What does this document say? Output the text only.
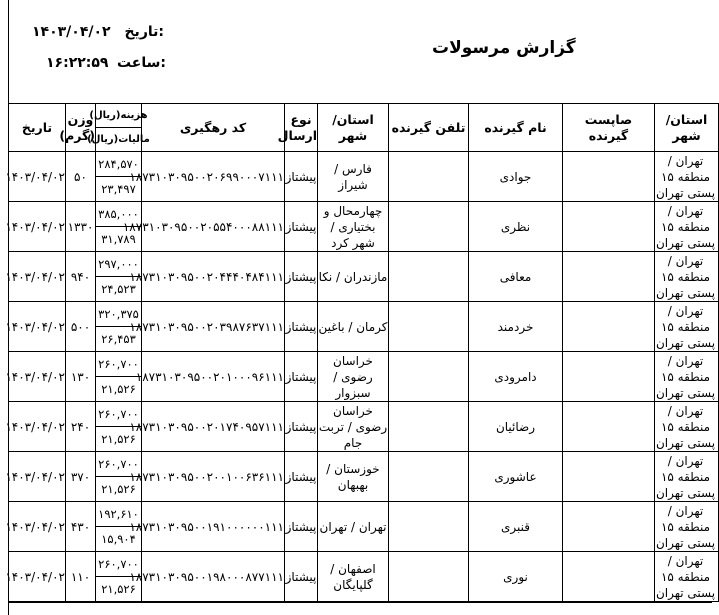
تاریخ:
۱۴۰۳/۰۴/۰۲
ساعت:
۱۶:۲۲:۵۹
گزارش مرسولات
استان/ شهر	صاپست گیرنده	نام گیرنده	تلفن گیرنده	استان/ شهر	نوع ارسال	کد رهگیری	هزینه(ریال)
مالیات(ریال)	وزن (گرم)	تاریخ
تهران / منطقه ۱۵ پستی تهران		جوادی		فارس / شیراز	پیشتاز	۱۸۷۳۱۰۳۰۹۵۰۰۲۰۶۹۹۰۰۰۷۱۱۱	۲۸۴,۵۷۰
۲۳,۴۹۷	۵۰	۱۴۰۳/۰۴/۰۲
تهران / منطقه ۱۵ پستی تهران		نظری		چهارمحال و بختیاری / شهر کرد	پیشتاز	۱۸۷۳۱۰۳۰۹۵۰۰۲۰۵۵۴۰۰۰۸۸۱۱۱	۳۸۵,۰۰۰
۳۱,۷۸۹	۱۳۳۰	۱۴۰۳/۰۴/۰۲
تهران / منطقه ۱۵ پستی تهران		معافی		مازندران / نکا	پیشتاز	۱۸۷۳۱۰۳۰۹۵۰۰۲۰۴۴۴۰۴۸۴۱۱۱	۲۹۷,۰۰۰
۲۴,۵۲۳	۹۴۰	۱۴۰۳/۰۴/۰۲
تهران / منطقه ۱۵ پستی تهران		خردمند		کرمان / باغین	پیشتاز	۱۸۷۳۱۰۳۰۹۵۰۰۲۰۳۹۸۷۶۳۷۱۱۱	۳۲۰,۳۷۵
۲۶,۴۵۳	۵۰۰	۱۴۰۳/۰۴/۰۲
تهران / منطقه ۱۵ پستی تهران		دامرودی		خراسان رضوی / سبزوار	پیشتاز	۱۸۷۳۱۰۳۰۹۵۰۰۲۰۱۰۰۰۹۶۱۱۱	۲۶۰,۷۰۰
۲۱,۵۲۶	۱۳۰	۱۴۰۳/۰۴/۰۲
تهران / منطقه ۱۵ پستی تهران		رضائیان		خراسان رضوی / تربت جام	پیشتاز	۱۸۷۳۱۰۳۰۹۵۰۰۲۰۱۷۴۰۹۵۷۱۱۱	۲۶۰,۷۰۰
۲۱,۵۲۶	۲۴۰	۱۴۰۳/۰۴/۰۲
تهران / منطقه ۱۵ پستی تهران		عاشوری		خوزستان / بهبهان	پیشتاز	۱۸۷۳۱۰۳۰۹۵۰۰۲۰۰۱۰۰۶۳۶۱۱۱	۲۶۰,۷۰۰
۲۱,۵۲۶	۳۷۰	۱۴۰۳/۰۴/۰۲
تهران / منطقه ۱۵ پستی تهران		قنبری		تهران / تهران	پیشتاز	۱۸۷۳۱۰۳۰۹۵۰۰۱۹۱۰۰۰۰۰۰۱۱۱	۱۹۲,۶۱۰
۱۵,۹۰۴	۴۳۰	۱۴۰۳/۰۴/۰۲
تهران / منطقه ۱۵ پستی تهران		نوری		اصفهان / گلپایگان	پیشتاز	۱۸۷۳۱۰۳۰۹۵۰۰۱۹۸۰۰۰۸۷۷۱۱۱	۲۶۰,۷۰۰
۲۱,۵۲۶	۱۱۰	۱۴۰۳/۰۴/۰۲
